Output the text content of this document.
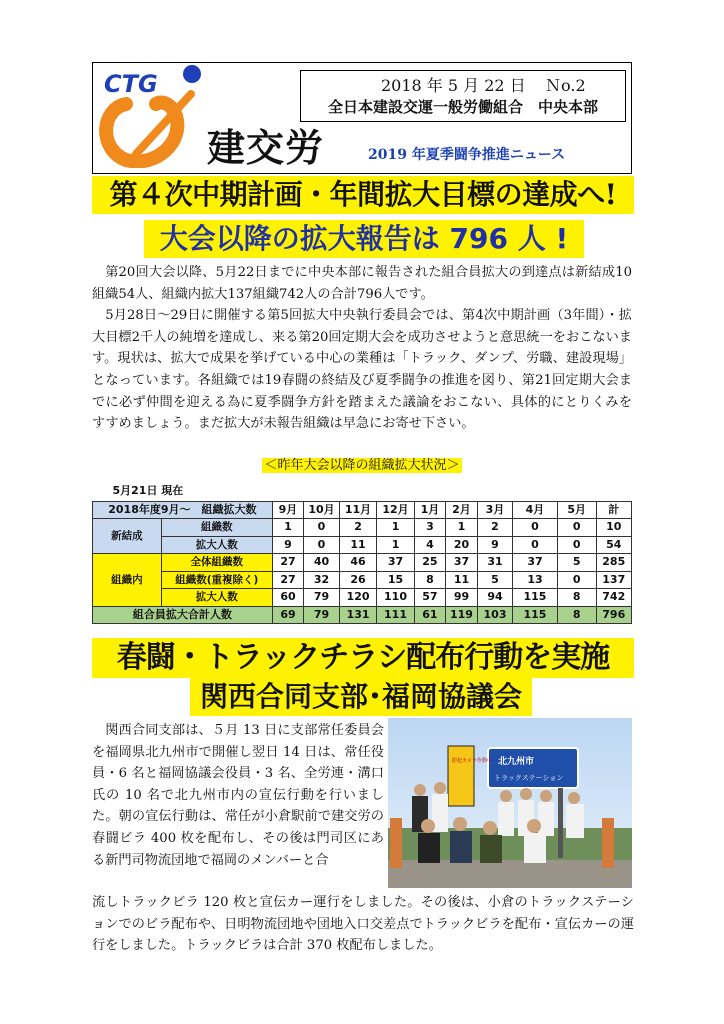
CTG
建交労
2018 年 5 月 22 日 Ｎo.2
全日本建設交運一般労働組合　中央本部
2019 年夏季闘争推進ニュース
第４次中期計画・年間拡大目標の達成へ!
大会以降の拡大報告は 796 人 !

第20回大会以降、5月22日までに中央本部に報告された組合員拡大の到達点は新結成10組織54人、組織内拡大137組織742人の合計796人です。

5月28日～29日に開催する第5回拡大中央執行委員会では、第4次中期計画（3年間）・拡大目標2千人の純増を達成し、来る第20回定期大会を成功させようと意思統一をおこないます。現状は、拡大で成果を挙げている中心の業種は「トラック、ダンプ、労職、建設現場」となっています。各組織では19春闘の終結及び夏季闘争の推進を図り、第21回定期大会までに必ず仲間を迎える為に夏季闘争方針を踏まえた議論をおこない、具体的にとりくみをすすめましょう。まだ拡大が未報告組織は早急にお寄せ下さい。

＜昨年大会以降の組織拡大状況＞
5月21日 現在											
2018年度9月～　組織拡大数		9月	10月	11月	12月	1月	2月	3月	4月	5月	計
新結成	組織数	1	0	2	1	3	1	2	0	0	10
	拡大人数	9	0	11	1	4	20	9	0	0	54
組織内	全体組織数	27	40	46	37	25	37	31	37	5	285
	組織数(重複除く)	27	32	26	15	8	11	5	13	0	137
	拡大人数	60	79	120	110	57	99	94	115	8	742
組合員拡大合計人数		69	79	131	111	61	119	103	115	8	796
春闘・トラックチラシ配布行動を実施
関西合同支部･福岡協議会

関西合同支部は、５月 13 日に支部常任委員会を福岡県北九州市で開催し翌日 14 日は、常任役員・6 名と福岡協議会役員・3 名、全労連・溝口氏の 10 名で北九州市内の宣伝行動を行いました。朝の宣伝行動は、常任が小倉駅前で建交労の春闘ビラ 400 枚を配布し、その後は門司区にある新門司物流団地で福岡のメンバーと合

北九州市
トラックステーション
防犯カメラ作動中
流しトラックビラ 120 枚と宣伝カー運行をしました。その後は、小倉のトラックステーションでのビラ配布や、日明物流団地や団地入口交差点でトラックビラを配布・宣伝カーの運行をしました。トラックビラは合計 370 枚配布しました。
